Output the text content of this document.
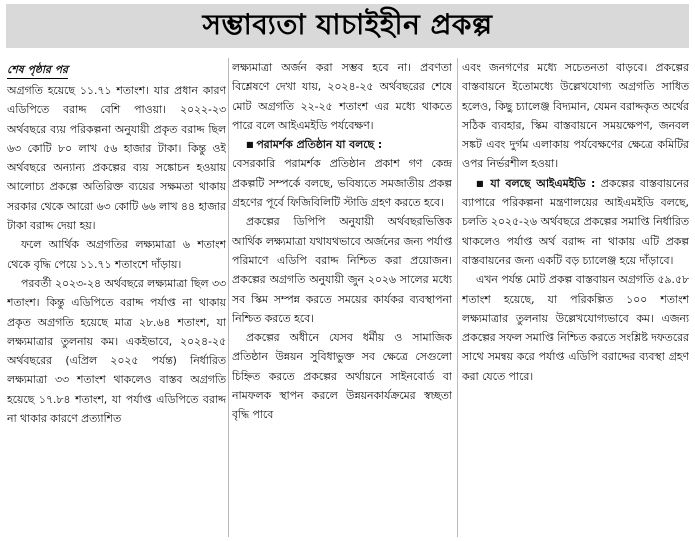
সম্ভাব্যতা যাচাইহীন প্রকল্প
শেষ পৃষ্ঠার পর

অগ্রগতি হয়েছে ১১.৭১ শতাংশ। যার প্রধান কারণ এডিপিতে বরাদ্দ বেশি পাওয়া। ২০২২-২৩ অর্থবছরে ব্যয় পরিকল্পনা অনুযায়ী প্রকৃত বরাদ্দ ছিল ৬৩ কোটি ৮০ লাখ ৫৬ হাজার টাকা। কিন্তু ওই অর্থবছরে অন্যান্য প্রকল্পের ব্যয় সঙ্কোচন হওয়ায় আলোচ্য প্রকল্পে অতিরিক্ত ব্যয়ের সক্ষমতা থাকায় সরকার থেকে আরো ৬৩ কোটি ৬৬ লাখ ৪৪ হাজার টাকা বরাদ্দ দেয়া হয়।

ফলে আর্থিক অগ্রগতির লক্ষ্যমাত্রা ৬ শতাংশ থেকে বৃদ্ধি পেয়ে ১১.৭১ শতাংশে দাঁড়ায়।

পরবর্তী ২০২৩-২৪ অর্থবছরে লক্ষ্যমাত্রা ছিল ৩৩ শতাংশ। কিন্তু এডিপিতে বরাদ্দ পর্যাপ্ত না থাকায় প্রকৃত অগ্রগতি হয়েছে মাত্র ২৮.৬৪ শতাংশ, যা লক্ষ্যমাত্রার তুলনায় কম। একইভাবে, ২০২৪-২৫ অর্থবছরের (এপ্রিল ২০২৫ পর্যন্ত) নির্ধারিত লক্ষ্যমাত্রা ৩৩ শতাংশ থাকলেও বাস্তব অগ্রগতি হয়েছে ১৭.৮৪ শতাংশ, যা পর্যাপ্ত এডিপিতে বরাদ্দ না থাকার কারণে প্রত্যাশিত

লক্ষ্যমাত্রা অর্জন করা সম্ভব হবে না। প্রবণতা বিশ্লেষণে দেখা যায়, ২০২৪-২৫ অর্থবছরের শেষে মোট অগ্রগতি ২২-২৫ শতাংশ এর মধ্যে থাকতে পারে বলে আইএমইডি পর্যবেক্ষণ।

■ পরামর্শক প্রতিষ্ঠান যা বলছে :

বেসরকারি পরামর্শক প্রতিষ্ঠান প্রকাশ গণ কেন্দ্র প্রকল্পটি সম্পর্কে বলছে, ভবিষ্যতে সমজাতীয় প্রকল্প গ্রহণের পূর্বে ফিজিবিলিটি স্টাডি গ্রহণ করতে হবে।

প্রকল্পের ডিপিপি অনুযায়ী অর্থবছরভিত্তিক আর্থিক লক্ষ্যমাত্রা যথাযথভাবে অর্জনের জন্য পর্যাপ্ত পরিমাণে এডিপি বরাদ্দ নিশ্চিত করা প্রয়োজন। প্রকল্পের অগ্রগতি অনুযায়ী জুন ২০২৬ সালের মধ্যে সব স্কিম সম্পন্ন করতে সময়ের কার্যকর ব্যবস্থাপনা নিশ্চিত করতে হবে।

প্রকল্পের অধীনে যেসব ধর্মীয় ও সামাজিক প্রতিষ্ঠান উন্নয়ন সুবিধাভুক্ত সব ক্ষেত্রে সেগুলো চিহ্নিত করতে প্রকল্পের অর্থায়নে সাইনবোর্ড বা নামফলক স্থাপন করলে উন্নয়নকার্যক্রমের স্বচ্ছতা বৃদ্ধি পাবে

এবং জনগণের মধ্যে সচেতনতা বাড়বে। প্রকল্পের বাস্তবায়নে ইতোমধ্যে উল্লেখযোগ্য অগ্রগতি সাধিত হলেও, কিছু চ্যালেঞ্জ বিদ্যমান, যেমন বরাদ্দকৃত অর্থের সঠিক ব্যবহার, স্কিম বাস্তবায়নে সময়ক্ষেপণ, জনবল সঙ্কট এবং দুর্গম এলাকায় পর্যবেক্ষণের ক্ষেত্রে কমিটির ওপর নির্ভরশীল হওয়া।

■ যা বলছে আইএমইডি : প্রকল্পের বাস্তবায়নের ব্যাপারে পরিকল্পনা মন্ত্রণালয়ের আইএমইডি বলছে, চলতি ২০২৫-২৬ অর্থবছরে প্রকল্পের সমাপ্তি নির্ধারিত থাকলেও পর্যাপ্ত অর্থ বরাদ্দ না থাকায় এটি প্রকল্প বাস্তবায়নের জন্য একটি বড় চ্যালেঞ্জ হয়ে দাঁড়াবে।

এখন পর্যন্ত মোট প্রকল্প বাস্তবায়ন অগ্রগতি ৫৯.৫৮ শতাংশ হয়েছে, যা পরিকল্পিত ১০০ শতাংশ লক্ষ্যমাত্রার তুলনায় উল্লেখযোগ্যভাবে কম। এজন্য প্রকল্পের সফল সমাপ্তি নিশ্চিত করতে সংশ্লিষ্ট দফতরের সাথে সমন্বয় করে পর্যাপ্ত এডিপি বরাদ্দের ব্যবস্থা গ্রহণ করা যেতে পারে।
